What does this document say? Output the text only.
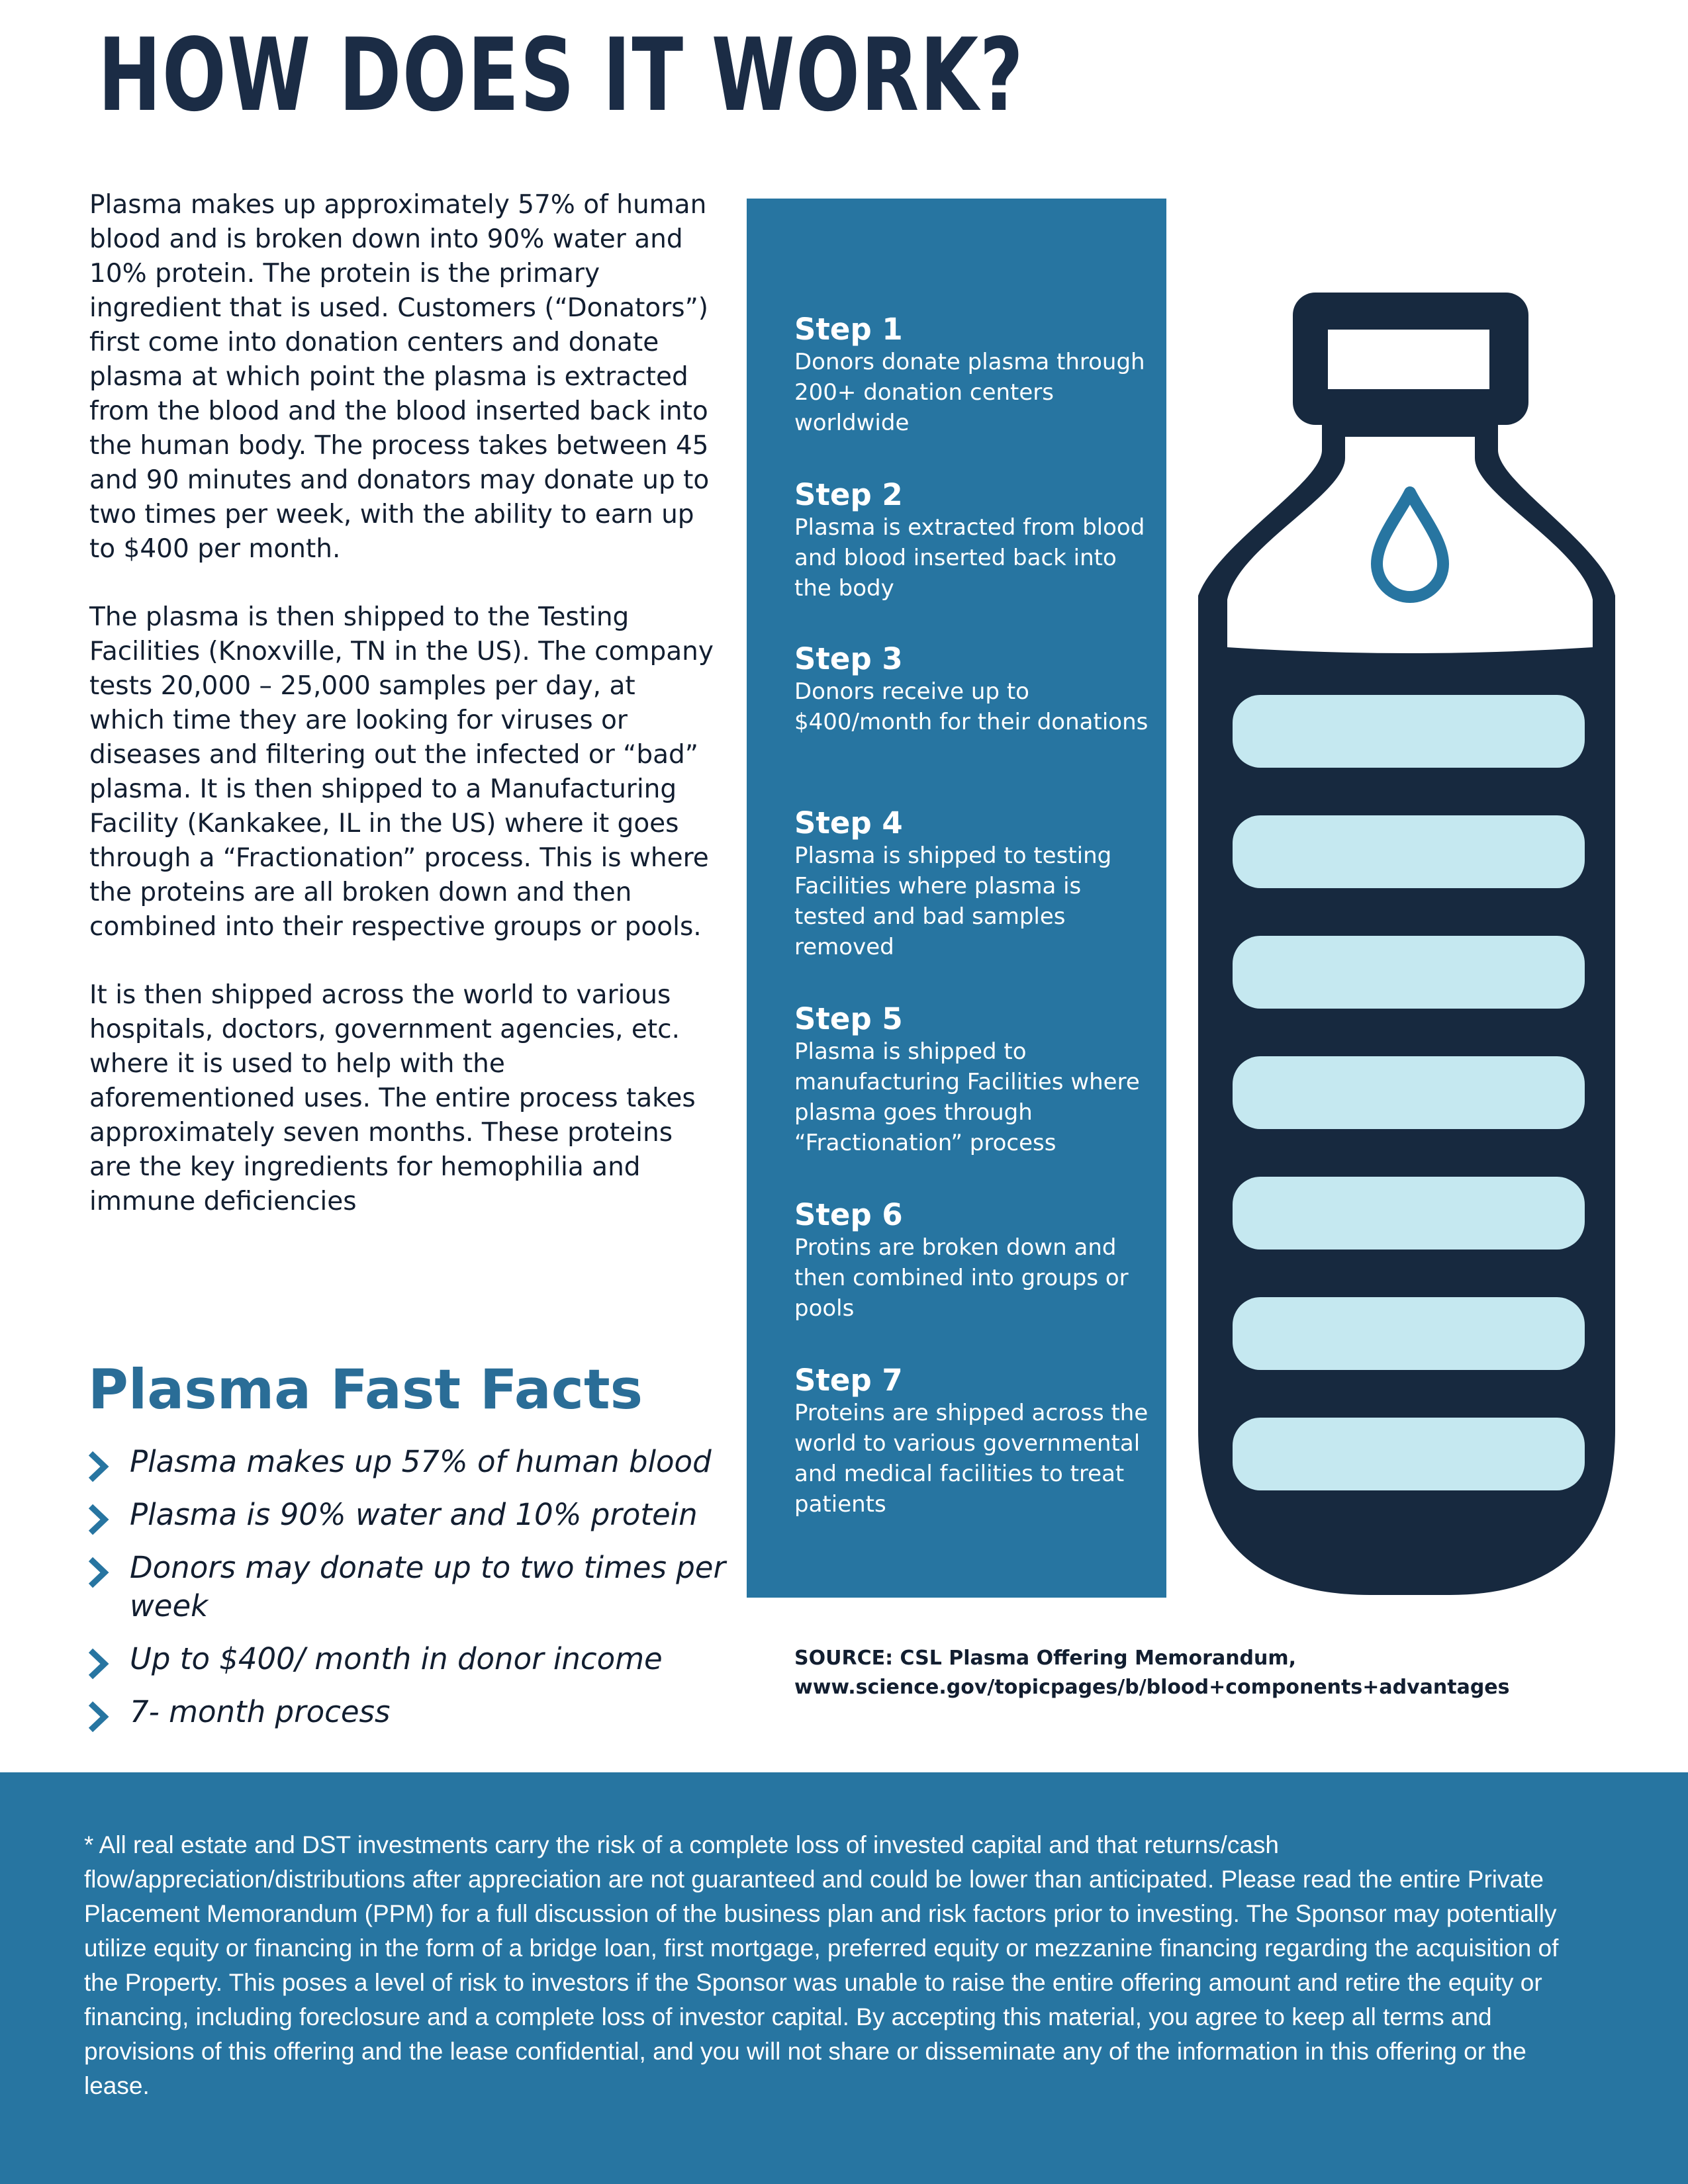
HOW DOES IT WORK?

Plasma makes up approximately 57% of human blood and is broken down into 90% water and 10% protein. The protein is the primary ingredient that is used. Customers (“Donators”) first come into donation centers and donate plasma at which point the plasma is extracted from the blood and the blood inserted back into the human body. The process takes between 45 and 90 minutes and donators may donate up to two times per week, with the ability to earn up to $400 per month.

The plasma is then shipped to the Testing Facilities (Knoxville, TN in the US). The company tests 20,000 – 25,000 samples per day, at which time they are looking for viruses or diseases and filtering out the infected or “bad” plasma. It is then shipped to a Manufacturing Facility (Kankakee, IL in the US) where it goes through a “Fractionation” process. This is where the proteins are all broken down and then combined into their respective groups or pools.

It is then shipped across the world to various hospitals, doctors, government agencies, etc. where it is used to help with the aforementioned uses. The entire process takes approximately seven months. These proteins are the key ingredients for hemophilia and immune deficiencies

Plasma Fast Facts
Plasma makes up 57% of human blood
Plasma is 90% water and 10% protein
Donors may donate up to two times per week
Up to $400/ month in donor income
7- month process
Step 1
Donors donate plasma through 200+ donation centers worldwide
Step 2
Plasma is extracted from blood and blood inserted back into the body
Step 3
Donors receive up to $400/month for their donations
Step 4
Plasma is shipped to testing Facilities where plasma is tested and bad samples removed
Step 5
Plasma is shipped to manufacturing Facilities where plasma goes through “Fractionation” process
Step 6
Protins are broken down and then combined into groups or pools
Step 7
Proteins are shipped across the world to various governmental and medical facilities to treat patients
SOURCE: CSL Plasma Offering Memorandum,
www.science.gov/topicpages/b/blood+components+advantages

* All real estate and DST investments carry the risk of a complete loss of invested capital and that returns/cash flow/appreciation/distributions after appreciation are not guaranteed and could be lower than anticipated. Please read the entire Private Placement Memorandum (PPM) for a full discussion of the business plan and risk factors prior to investing. The Sponsor may potentially utilize equity or financing in the form of a bridge loan, first mortgage, preferred equity or mezzanine financing regarding the acquisition of the Property. This poses a level of risk to investors if the Sponsor was unable to raise the entire offering amount and retire the equity or financing, including foreclosure and a complete loss of investor capital. By accepting this material, you agree to keep all terms and provisions of this offering and the lease confidential, and you will not share or disseminate any of the information in this offering or the lease.
